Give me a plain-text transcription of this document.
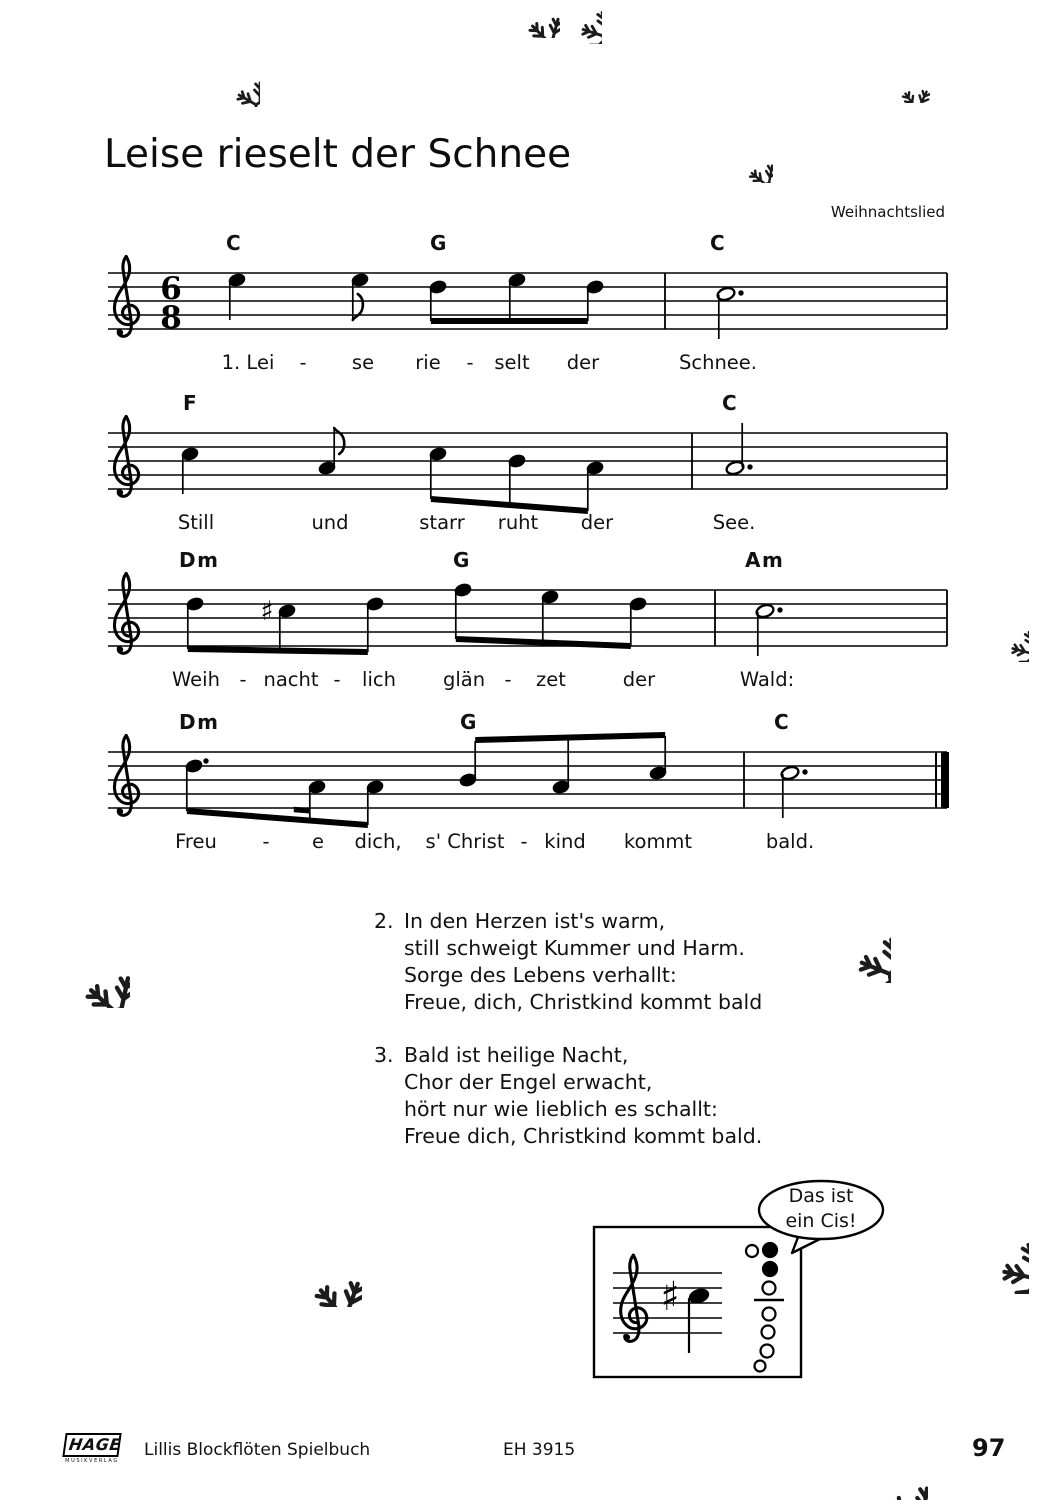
Leise rieselt der Schnee
Weihnachtslied
6
8
♯
♯
C	G	C
F	C
Dm	G	Am
Dm	G	C
1. Lei - se rie - selt der	Schnee.
Still	und	starr ruht der	See.
Weih - nacht - lich glän - zet	der	Wald:
Freu - e dich, s' Christ - kind kommt	bald.
2. In den Herzen ist's warm,
still schweigt Kummer und Harm.
Sorge des Lebens verhallt:
Freue, dich, Christkind kommt bald
3. Bald ist heilige Nacht,
Chor der Engel erwacht,
hört nur wie lieblich es schallt:
Freue dich, Christkind kommt bald.
Das ist
ein Cis!
HAGE
MUSIKVERLAG
Lillis Blockflöten Spielbuch	EH 3915	97
